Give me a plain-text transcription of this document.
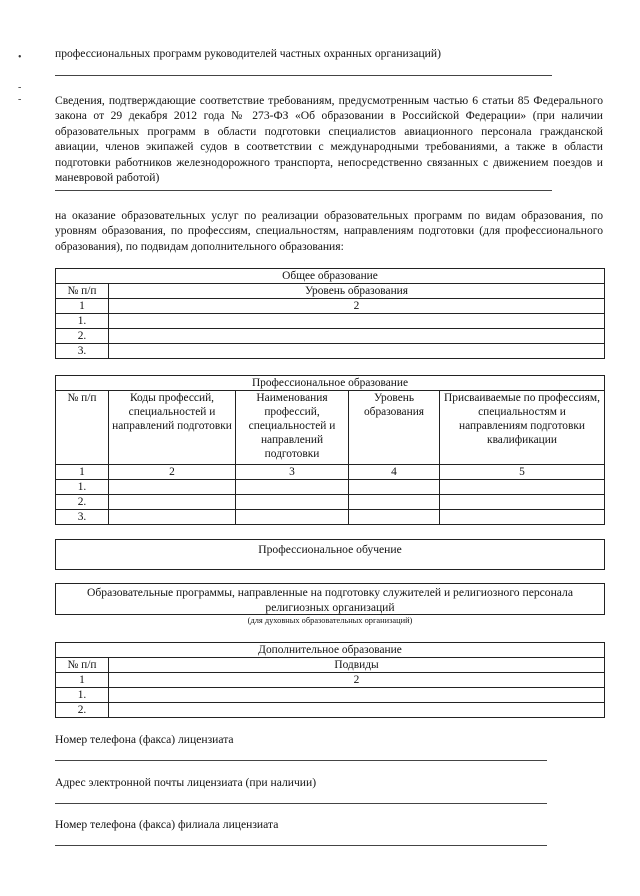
•
-
-
профессиональных программ руководителей частных охранных организаций)
Сведения, подтверждающие соответствие требованиям, предусмотренным частью 6 статьи 85 Федерального закона от 29 декабря 2012 года № 273-ФЗ «Об образовании в Российской Федерации» (при наличии образовательных программ в области подготовки специалистов авиационного персонала гражданской авиации, членов экипажей судов в соответствии с международными требованиями, а также в области подготовки работников железнодорожного транспорта, непосредственно связанных с движением поездов и маневровой работой)
на оказание образовательных услуг по реализации образовательных программ по видам образования, по уровням образования, по профессиям, специальностям, направлениям подготовки (для профессионального образования), по подвидам дополнительного образования:
Общее образование	
№ п/п	Уровень образования
1	2
1.	
2.	
3.	
Профессиональное образование				
№ п/п	Коды профессий, специальностей и направлений подготовки	Наименования профессий, специальностей и направлений подготовки	Уровень образования	Присваиваемые по профессиям, специальностям и направлениям подготовки квалификации
1	2	3	4	5
1.				
2.				
3.				
Профессиональное обучение
Образовательные программы, направленные на подготовку служителей и религиозного персонала религиозных организаций
(для духовных образовательных организаций)
Дополнительное образование	
№ п/п	Подвиды
1	2
1.	
2.	
Номер телефона (факса) лицензиата
Адрес электронной почты лицензиата (при наличии)
Номер телефона (факса) филиала лицензиата
